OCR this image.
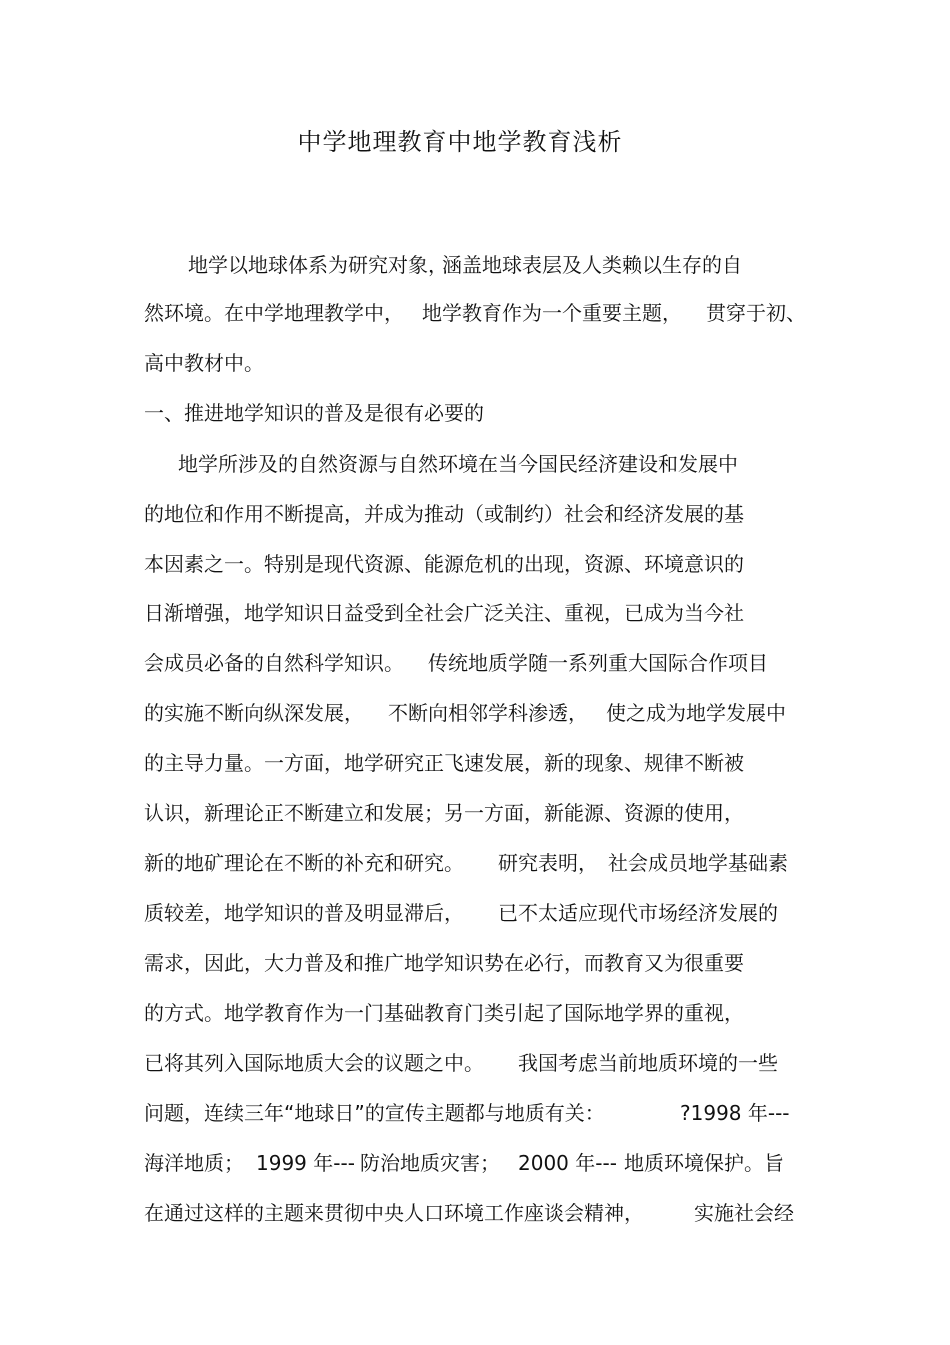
中学地理教育中地学教育浅析
地学以地球体系为研究对象，
涵盖地球表层及人类赖以生存的自
然环境。在中学地理教学中， 地学教育作为一个重要主题， 贯穿于初、
高中教材中。
一、推进地学知识的普及是很有必要的
地学所涉及的自然资源与自然环境在当今国民经济建设和发展中
的地位和作用不断提高，并成为推动（或制约）社会和经济发展的基
本因素之一。特别是现代资源、能源危机的出现，资源、环境意识的
日渐增强，地学知识日益受到全社会广泛关注、重视，已成为当今社
会成员必备的自然科学知识。 传统地质学随一系列重大国际合作项目
的实施不断向纵深发展， 不断向相邻学科渗透， 使之成为地学发展中
的主导力量。一方面，地学研究正飞速发展，新的现象、规律不断被
认识，新理论正不断建立和发展；另一方面，新能源、资源的使用，
新的地矿理论在不断的补充和研究。 研究表明， 社会成员地学基础素
质较差，地学知识的普及明显滞后， 已不太适应现代市场经济发展的
需求，因此，大力普及和推广地学知识势在必行，而教育又为很重要
的方式。地学教育作为一门基础教育门类引起了国际地学界的重视，
已将其列入国际地质大会的议题之中。 我国考虑当前地质环境的一些
问题，连续三年“地球日”的宣传主题都与地质有关：	?1998 年---
海洋地质； 1999 年--- 防治地质灾害； 2000 年--- 地质环境保护。旨
在通过这样的主题来贯彻中央人口环境工作座谈会精神，	实施社会经
